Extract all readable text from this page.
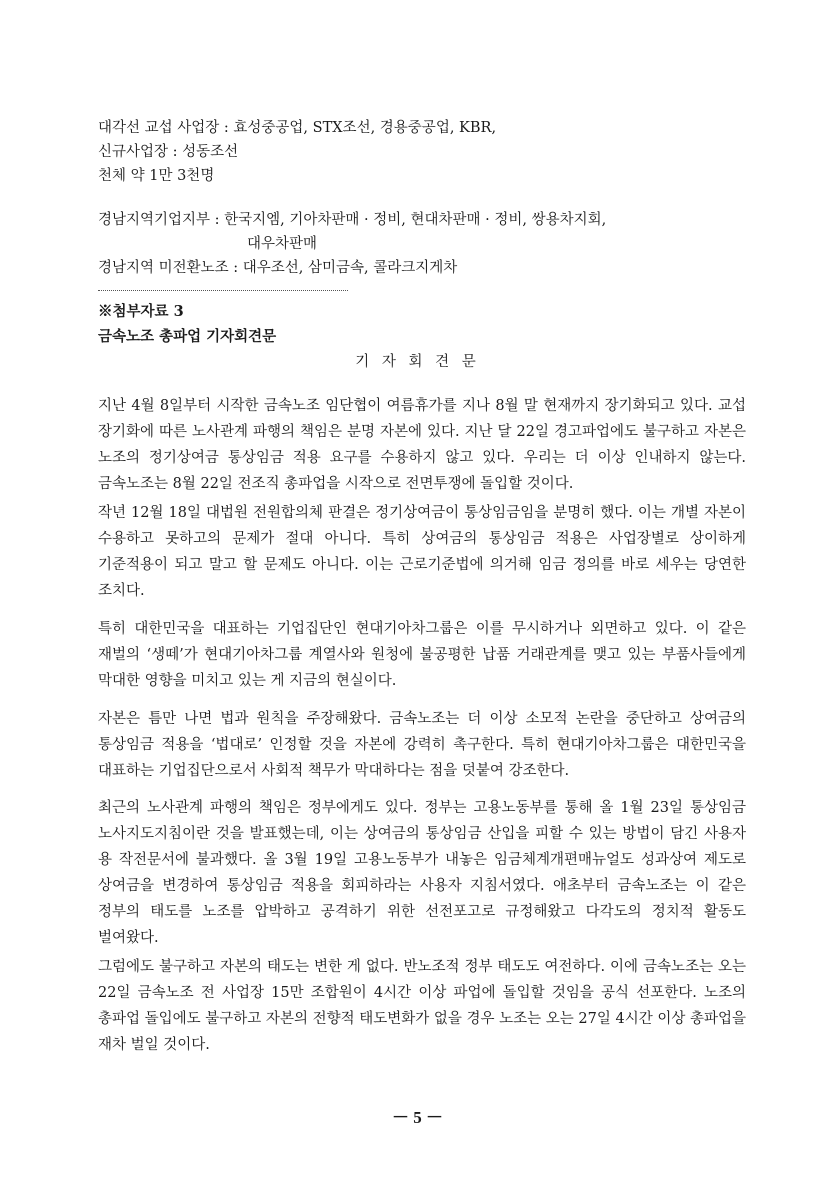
대각선 교섭 사업장 : 효성중공업, STX조선, 경용중공업, KBR,
신규사업장 : 성동조선
천체 약 1만 3천명
경남지역기업지부 : 한국지엠, 기아차판매 · 정비, 현대차판매 · 정비, 쌍용차지회,
대우차판매
경남지역 미전환노조 : 대우조선, 삼미금속, 콜라크지게차
※첨부자료 3
금속노조 총파업 기자회견문
기 자 회 견 문

지난 4월 8일부터 시작한 금속노조 임단협이 여름휴가를 지나 8월 말 현재까지 장기화되고 있다. 교섭 장기화에 따른 노사관계 파행의 책임은 분명 자본에 있다. 지난 달 22일 경고파업에도 불구하고 자본은 노조의 정기상여금 통상임금 적용 요구를 수용하지 않고 있다. 우리는 더 이상 인내하지 않는다. 금속노조는 8월 22일 전조직 총파업을 시작으로 전면투쟁에 돌입할 것이다.

작년 12월 18일 대법원 전원합의체 판결은 정기상여금이 통상임금임을 분명히 했다. 이는 개별 자본이 수용하고 못하고의 문제가 절대 아니다. 특히 상여금의 통상임금 적용은 사업장별로 상이하게 기준적용이 되고 말고 할 문제도 아니다. 이는 근로기준법에 의거해 임금 정의를 바로 세우는 당연한 조치다.

특히 대한민국을 대표하는 기업집단인 현대기아차그룹은 이를 무시하거나 외면하고 있다. 이 같은 재벌의 ‘생떼’가 현대기아차그룹 계열사와 원청에 불공평한 납품 거래관계를 맺고 있는 부품사들에게 막대한 영향을 미치고 있는 게 지금의 현실이다.

자본은 틈만 나면 법과 원칙을 주장해왔다. 금속노조는 더 이상 소모적 논란을 중단하고 상여금의 통상임금 적용을 ‘법대로’ 인정할 것을 자본에 강력히 촉구한다. 특히 현대기아차그룹은 대한민국을 대표하는 기업집단으로서 사회적 책무가 막대하다는 점을 덧붙여 강조한다.

최근의 노사관계 파행의 책임은 정부에게도 있다. 정부는 고용노동부를 통해 올 1월 23일 통상임금 노사지도지침이란 것을 발표했는데, 이는 상여금의 통상임금 산입을 피할 수 있는 방법이 담긴 사용자 용 작전문서에 불과했다. 올 3월 19일 고용노동부가 내놓은 임금체계개편매뉴얼도 성과상여 제도로 상여금을 변경하여 통상임금 적용을 회피하라는 사용자 지침서였다. 애초부터 금속노조는 이 같은 정부의 태도를 노조를 압박하고 공격하기 위한 선전포고로 규정해왔고 다각도의 정치적 활동도 벌여왔다.

그럼에도 불구하고 자본의 태도는 변한 게 없다. 반노조적 정부 태도도 여전하다. 이에 금속노조는 오는 22일 금속노조 전 사업장 15만 조합원이 4시간 이상 파업에 돌입할 것임을 공식 선포한다. 노조의 총파업 돌입에도 불구하고 자본의 전향적 태도변화가 없을 경우 노조는 오는 27일 4시간 이상 총파업을 재차 벌일 것이다.

－ 5 －
